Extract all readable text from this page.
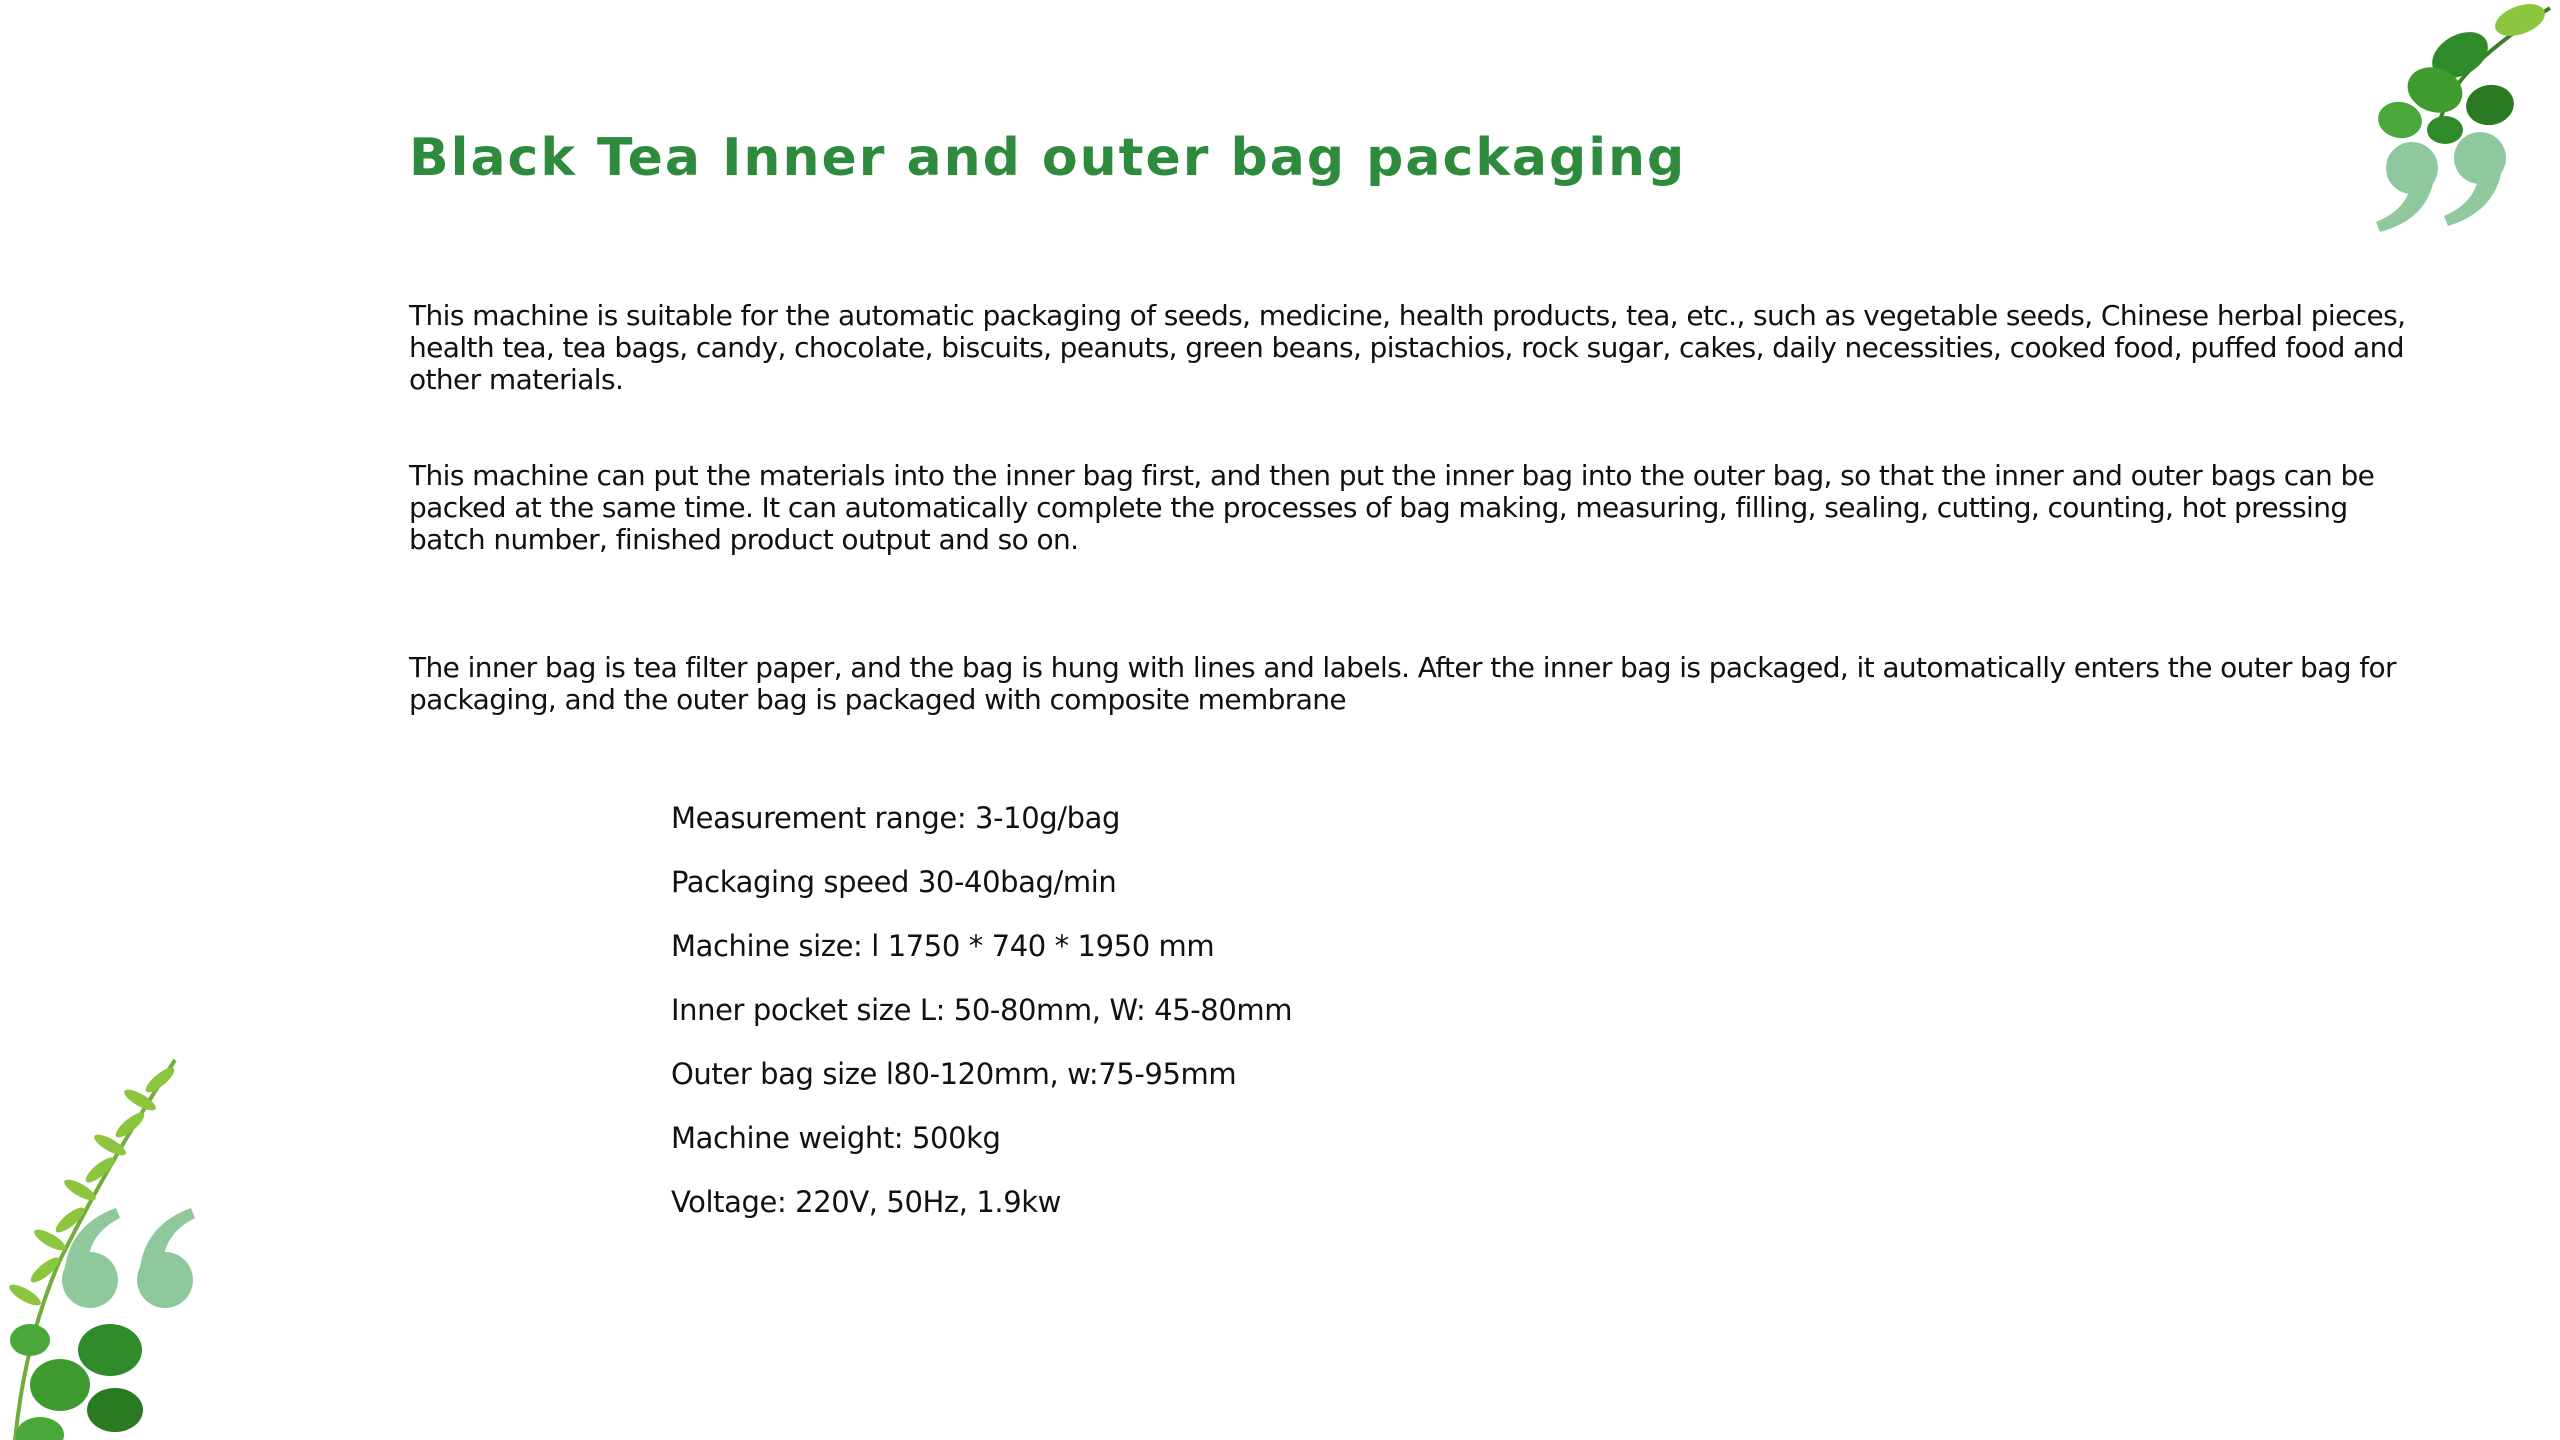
Black Tea Inner and outer bag packaging

This machine is suitable for the automatic packaging of seeds, medicine, health products, tea, etc., such as vegetable seeds, Chinese herbal pieces, health tea, tea bags, candy, chocolate, biscuits, peanuts, green beans, pistachios, rock sugar, cakes, daily necessities, cooked food, puffed food and other materials.

This machine can put the materials into the inner bag first, and then put the inner bag into the outer bag, so that the inner and outer bags can be packed at the same time. It can automatically complete the processes of bag making, measuring, filling, sealing, cutting, counting, hot pressing batch number, finished product output and so on.

The inner bag is tea filter paper, and the bag is hung with lines and labels. After the inner bag is packaged, it automatically enters the outer bag for packaging, and the outer bag is packaged with composite membrane

Measurement range: 3-10g/bag
Packaging speed 30-40bag/min
Machine size: l 1750 * 740 * 1950 mm
Inner pocket size L: 50-80mm, W: 45-80mm
Outer bag size l80-120mm, w:75-95mm
Machine weight: 500kg
Voltage: 220V, 50Hz, 1.9kw
